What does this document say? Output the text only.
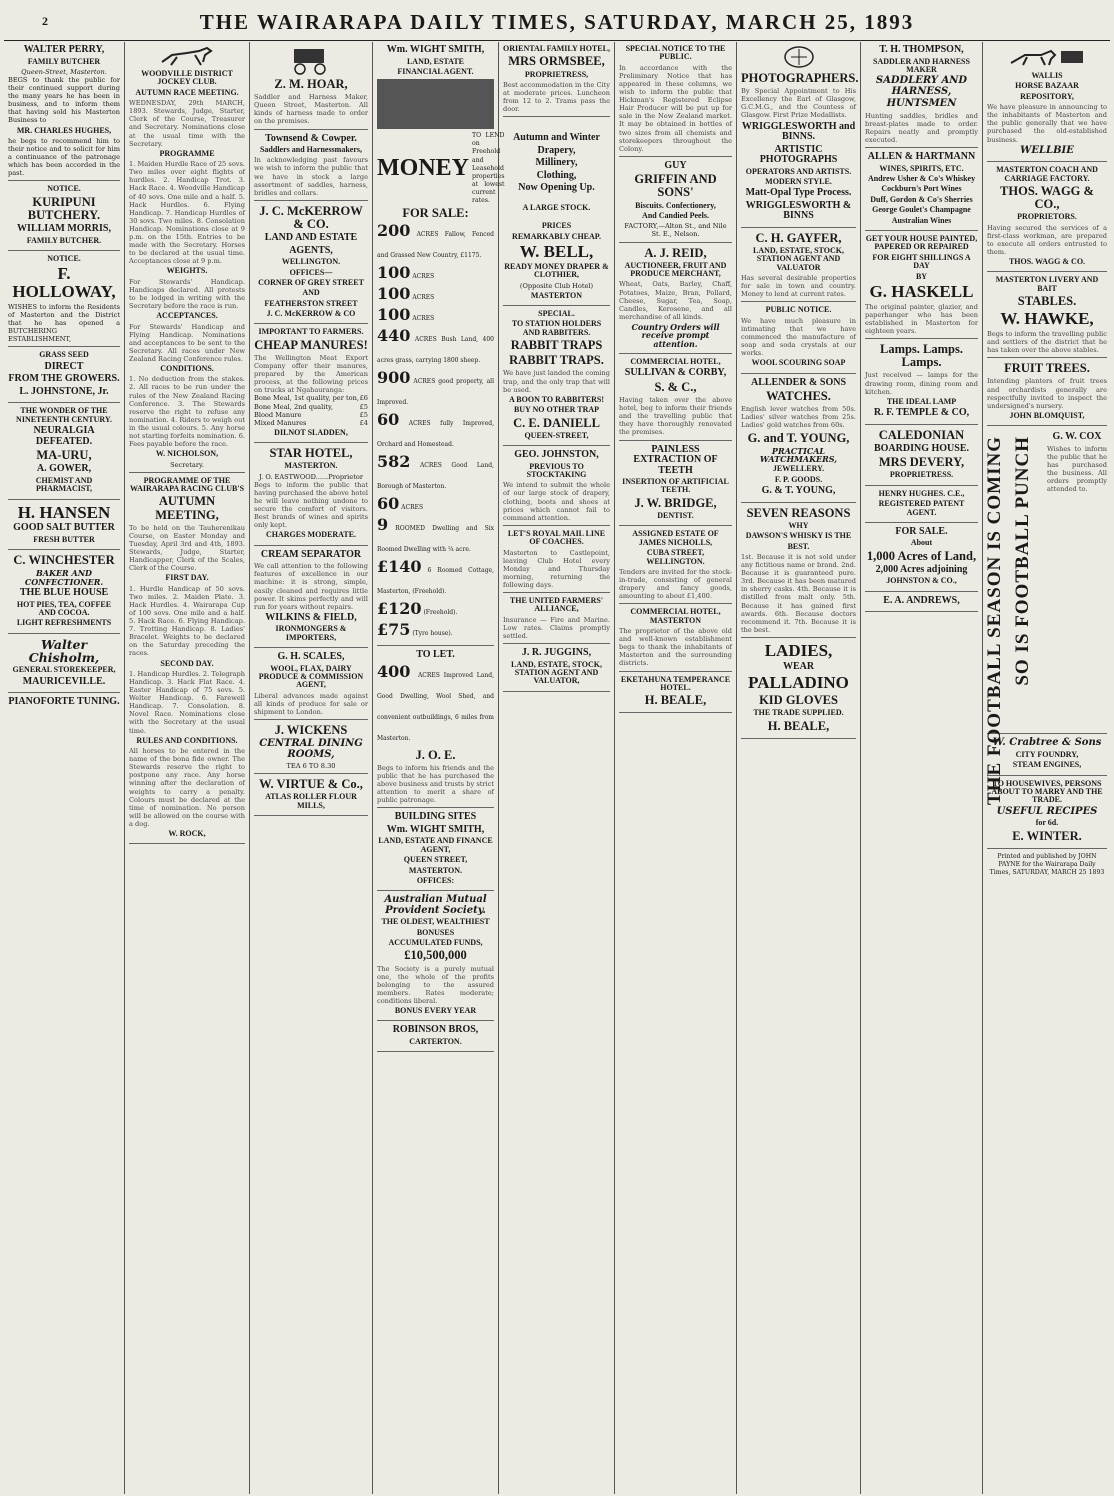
2	THE WAIRARAPA DAILY TIMES, SATURDAY, MARCH 25, 1893
WALTER PERRY,
FAMILY BUTCHER
Queen-Street, Masterton.
BEGS to thank the public for their continued support during the many years he has been in business, and to inform them that having sold his Masterton Business to
MR. CHARLES HUGHES,
he begs to recommend him to their notice and to solicit for him a continuance of the patronage which has been accorded in the past.
NOTICE.
KURIPUNI BUTCHERY.
WILLIAM MORRIS,
FAMILY BUTCHER.
NOTICE.
F. HOLLOWAY,
WISHES to inform the Residents of Masterton and the District that he has opened a BUTCHERING ESTABLISHMENT,
GRASS SEED
DIRECT
FROM THE GROWERS.
L. JOHNSTONE, Jr.
THE WONDER OF THE NINETEENTH CENTURY.
NEURALGIA DEFEATED.
MA-URU,
A. GOWER,
CHEMIST AND PHARMACIST,
H. HANSEN
GOOD SALT BUTTER
FRESH BUTTER
C. WINCHESTER
BAKER AND CONFECTIONER.
THE BLUE HOUSE
HOT PIES, TEA, COFFEE AND COCOA.
LIGHT REFRESHMENTS
Walter Chisholm,
GENERAL STOREKEEPER,
MAURICEVILLE.
PIANOFORTE TUNING.
WOODVILLE DISTRICT JOCKEY CLUB.
AUTUMN RACE MEETING.
WEDNESDAY, 29th MARCH, 1893. Stewards, Judge, Starter, Clerk of the Course, Treasurer and Secretary. Nominations close at the usual time with the Secretary.
PROGRAMME
1. Maiden Hurdle Race of 25 sovs. Two miles over eight flights of hurdles. 2. Handicap Trot. 3. Hack Race. 4. Woodville Handicap of 40 sovs. One mile and a half. 5. Hack Hurdles. 6. Flying Handicap. 7. Handicap Hurdles of 30 sovs. Two miles. 8. Consolation Handicap. Nominations close at 9 p.m. on the 15th. Entries to be made with the Secretary. Horses to be declared at the usual time. Acceptances close at 9 p.m.
WEIGHTS.
For Stewards' Handicap. Handicaps declared. All protests to be lodged in writing with the Secretary before the race is run.
ACCEPTANCES.
For Stewards' Handicap and Flying Handicap. Nominations and acceptances to be sent to the Secretary. All races under New Zealand Racing Conference rules.
CONDITIONS.
1. No deduction from the stakes. 2. All races to be run under the rules of the New Zealand Racing Conference. 3. The Stewards reserve the right to refuse any nomination. 4. Riders to weigh out in the usual colours. 5. Any horse not starting forfeits nomination. 6. Fees payable before the race.
W. NICHOLSON,
Secretary.
PROGRAMME OF THE WAIRARAPA RACING CLUB'S
AUTUMN MEETING,
To be held on the Tauherenikau Course, on Easter Monday and Tuesday, April 3rd and 4th, 1893. Stewards, Judge, Starter, Handicapper, Clerk of the Scales, Clerk of the Course.
FIRST DAY.
1. Hurdle Handicap of 50 sovs. Two miles. 2. Maiden Plate. 3. Hack Hurdles. 4. Wairarapa Cup of 100 sovs. One mile and a half. 5. Hack Race. 6. Flying Handicap. 7. Trotting Handicap. 8. Ladies' Bracelet. Weights to be declared on the Saturday preceding the races.
SECOND DAY.
1. Handicap Hurdles. 2. Telegraph Handicap. 3. Hack Flat Race. 4. Easter Handicap of 75 sovs. 5. Welter Handicap. 6. Farewell Handicap. 7. Consolation. 8. Novel Race. Nominations close with the Secretary at the usual time.
RULES AND CONDITIONS.
All horses to be entered in the name of the bona fide owner. The Stewards reserve the right to postpone any race. Any horse winning after the declaration of weights to carry a penalty. Colours must be declared at the time of nomination. No person will be allowed on the course with a dog.
W. ROCK,
Z. M. HOAR,
Saddler and Harness Maker, Queen Street, Masterton. All kinds of harness made to order on the premises.
Townsend & Cowper.
Saddlers and Harnessmakers,
In acknowledging past favours we wish to inform the public that we have in stock a large assortment of saddles, harness, bridles and collars.
J. C. McKERROW & CO.
LAND AND ESTATE
AGENTS,
WELLINGTON.
OFFICES—
CORNER OF GREY STREET
AND
FEATHERSTON STREET
J. C. McKERROW & CO
IMPORTANT TO FARMERS.
CHEAP MANURES!
The Wellington Meat Export Company offer their manures, prepared by the American process, at the following prices on trucks at Ngahauranga:
Bone Meal, 1st quality, per ton, £6
Bone Meal, 2nd quality,	£5
Blood Manure	£5
Mixed Manures	£4
DILNOT SLADDEN,
STAR HOTEL,
MASTERTON.
J. O. EASTWOOD......Proprietor
Begs to inform the public that having purchased the above hotel he will leave nothing undone to secure the comfort of visitors. Best brands of wines and spirits only kept.
CHARGES MODERATE.
CREAM SEPARATOR
We call attention to the following features of excellence in our machine: it is strong, simple, easily cleaned and requires little power. It skims perfectly and will run for years without repairs.
WILKINS & FIELD,
IRONMONGERS & IMPORTERS,
G. H. SCALES,
WOOL, FLAX, DAIRY PRODUCE & COMMISSION AGENT,
Liberal advances made against all kinds of produce for sale or shipment to London.
J. WICKENS
CENTRAL DINING ROOMS,
TEA 6 TO 8.30
W. VIRTUE & Co.,
ATLAS ROLLER FLOUR MILLS,
Wm. WIGHT SMITH,
LAND, ESTATE
FINANCIAL AGENT.
MONEY
TO LEND on Freehold and Leasehold properties at lowest current rates.
FOR SALE:
200 ACRES Fallow, Fenced and Grassed New Country, £1175.
100 ACRES
100 ACRES
100 ACRES
440 ACRES Bush Land, 400 acres grass, carrying 1800 sheep.
900 ACRES good property, all Improved.
60 ACRES fully Improved, Orchard and Homestead.
582 ACRES Good Land, Borough of Masterton.
60 ACRES
9 ROOMED Dwelling and Six Roomed Dwelling with ¼ acre.
£140 6 Roomed Cottage, Masterton, (Freehold).
£120 (Freehold).
£75 (Tyre house).
TO LET.
400 ACRES Improved Land, Good Dwelling, Wool Shed, and convenient outbuildings, 6 miles from Masterton.
J. O. E.
Begs to inform his friends and the public that he has purchased the above business and trusts by strict attention to merit a share of public patronage.
BUILDING SITES
Wm. WIGHT SMITH,
LAND, ESTATE AND FINANCE AGENT,
QUEEN STREET,
MASTERTON.
OFFICES:
Australian Mutual Provident Society.
THE OLDEST, WEALTHIEST
BONUSES
ACCUMULATED FUNDS,
£10,500,000
The Society is a purely mutual one, the whole of the profits belonging to the assured members. Rates moderate; conditions liberal.
BONUS EVERY YEAR
ROBINSON BROS,
CARTERTON.
ORIENTAL FAMILY HOTEL,
MRS ORMSBEE,
PROPRIETRESS,
Best accommodation in the City at moderate prices. Luncheon from 12 to 2. Trams pass the door.
Autumn and Winter
Drapery,
Millinery,
Clothing,
Now Opening Up.
A LARGE STOCK.
PRICES
REMARKABLY CHEAP.
W. BELL,
READY MONEY DRAPER & CLOTHIER,
(Opposite Club Hotel)
MASTERTON
SPECIAL.
TO STATION HOLDERS AND RABBITERS.
RABBIT TRAPS
RABBIT TRAPS.
We have just landed the coming trap, and the only trap that will be used.
A BOON TO RABBITERS!
BUY NO OTHER TRAP
C. E. DANIELL
QUEEN-STREET,
GEO. JOHNSTON,
PREVIOUS TO STOCKTAKING
We intend to submit the whole of our large stock of drapery, clothing, boots and shoes at prices which cannot fail to command attention.
LET'S ROYAL MAIL LINE OF COACHES.
Masterton to Castlepoint, leaving Club Hotel every Monday and Thursday morning, returning the following days.
THE UNITED FARMERS' ALLIANCE,
Insurance — Fire and Marine. Low rates. Claims promptly settled.
J. R. JUGGINS,
LAND, ESTATE, STOCK, STATION AGENT AND VALUATOR,
SPECIAL NOTICE TO THE PUBLIC.
In accordance with the Preliminary Notice that has appeared in these columns, we wish to inform the public that Hickman's Registered Eclipse Hair Producer will be put up for sale in the New Zealand market. It may be obtained in bottles of two sizes from all chemists and storekeepers throughout the Colony.
GUY
GRIFFIN AND SONS'
Biscuits. Confectionery,
And Candied Peels.
FACTORY,—Alton St., and Nile St. E., Nelson.
A. J. REID,
AUCTIONEER, FRUIT AND PRODUCE MERCHANT,
Wheat, Oats, Barley, Chaff, Potatoes, Maize, Bran, Pollard, Cheese, Sugar, Tea, Soap, Candles, Kerosene, and all merchandise of all kinds.
Country Orders will receive prompt attention.
COMMERCIAL HOTEL,
SULLIVAN & CORBY,
S. & C.,
Having taken over the above hotel, beg to inform their friends and the travelling public that they have thoroughly renovated the premises.
PAINLESS EXTRACTION OF TEETH
INSERTION OF ARTIFICIAL TEETH.
J. W. BRIDGE,
DENTIST.
ASSIGNED ESTATE OF JAMES NICHOLLS,
CUBA STREET, WELLINGTON.
Tenders are invited for the stock-in-trade, consisting of general drapery and fancy goods, amounting to about £1,400.
COMMERCIAL HOTEL, MASTERTON
The proprietor of the above old and well-known establishment begs to thank the inhabitants of Masterton and the surrounding districts.
EKETAHUNA TEMPERANCE HOTEL.
H. BEALE,
PHOTOGRAPHERS.
By Special Appointment to His Excellency the Earl of Glasgow, G.C.M.G., and the Countess of Glasgow. First Prize Medallists.
WRIGGLESWORTH and BINNS.
ARTISTIC PHOTOGRAPHS
OPERATORS AND ARTISTS.
MODERN STYLE.
Matt-Opal Type Process.
WRIGGLESWORTH & BINNS
C. H. GAYFER,
LAND, ESTATE, STOCK, STATION AGENT AND VALUATOR
Has several desirable properties for sale in town and country. Money to lend at current rates.
PUBLIC NOTICE.
We have much pleasure in intimating that we have commenced the manufacture of soap and soda crystals at our works.
WOOL SCOURING SOAP
ALLENDER & SONS
WATCHES.
English lever watches from 50s. Ladies' silver watches from 25s. Ladies' gold watches from 60s.
G. and T. YOUNG,
PRACTICAL WATCHMAKERS,
JEWELLERY.
F. P. GOODS.
G. & T. YOUNG,
SEVEN REASONS
WHY
DAWSON'S WHISKY IS THE
BEST.
1st. Because it is not sold under any fictitious name or brand. 2nd. Because it is guaranteed pure. 3rd. Because it has been matured in sherry casks. 4th. Because it is distilled from malt only. 5th. Because it has gained first awards. 6th. Because doctors recommend it. 7th. Because it is the best.
LADIES,
WEAR
PALLADINO
KID GLOVES
THE TRADE SUPPLIED.
H. BEALE,
T. H. THOMPSON,
SADDLER AND HARNESS MAKER
SADDLERY AND HARNESS,
HUNTSMEN
Hunting saddles, bridles and breast-plates made to order. Repairs neatly and promptly executed.
ALLEN & HARTMANN
WINES, SPIRITS, ETC.
Andrew Usher & Co's Whiskey
Cockburn's Port Wines
Duff, Gordon & Co's Sherries
George Goulet's Champagne
Australian Wines
GET YOUR HOUSE PAINTED, PAPERED OR REPAIRED
FOR EIGHT SHILLINGS A DAY
BY
G. HASKELL
The original painter, glazier, and paperhanger who has been established in Masterton for eighteen years.
Lamps. Lamps. Lamps.
Just received — lamps for the drawing room, dining room and kitchen.
THE IDEAL LAMP
R. F. TEMPLE & CO,
CALEDONIAN
BOARDING HOUSE.
MRS DEVERY,
PROPRIETRESS.
HENRY HUGHES. C.E.,
REGISTERED PATENT AGENT.
FOR SALE.
About
1,000 Acres of Land,
2,000 Acres adjoining
JOHNSTON & CO.,
E. A. ANDREWS,
WALLIS
HORSE BAZAAR
REPOSITORY,
We have pleasure in announcing to the inhabitants of Masterton and the public generally that we have purchased the old-established business.
WELLBIE
MASTERTON COACH AND CARRIAGE FACTORY.
THOS. WAGG & CO.,
PROPRIETORS.
Having secured the services of a first-class workman, are prepared to execute all orders entrusted to them.
THOS. WAGG & CO.
MASTERTON LIVERY AND BAIT
STABLES.
W. HAWKE,
Begs to inform the travelling public and settlers of the district that he has taken over the above stables.
FRUIT TREES.
Intending planters of fruit trees and orchardists generally are respectfully invited to inspect the undersigned's nursery.
JOHN BLOMQUIST,
THE FOOTBALL SEASON IS COMING SO IS FOOTBALL PUNCH	G. W. COX
Wishes to inform the public that he has purchased the business. All orders promptly attended to.
W. Crabtree & Sons
CITY FOUNDRY,
STEAM ENGINES,
TO HOUSEWIVES, PERSONS ABOUT TO MARRY AND THE TRADE.
USEFUL RECIPES
for 6d.
E. WINTER.
Printed and published by JOHN PAYNE for the Wairarapa Daily Times, SATURDAY, MARCH 25 1893
